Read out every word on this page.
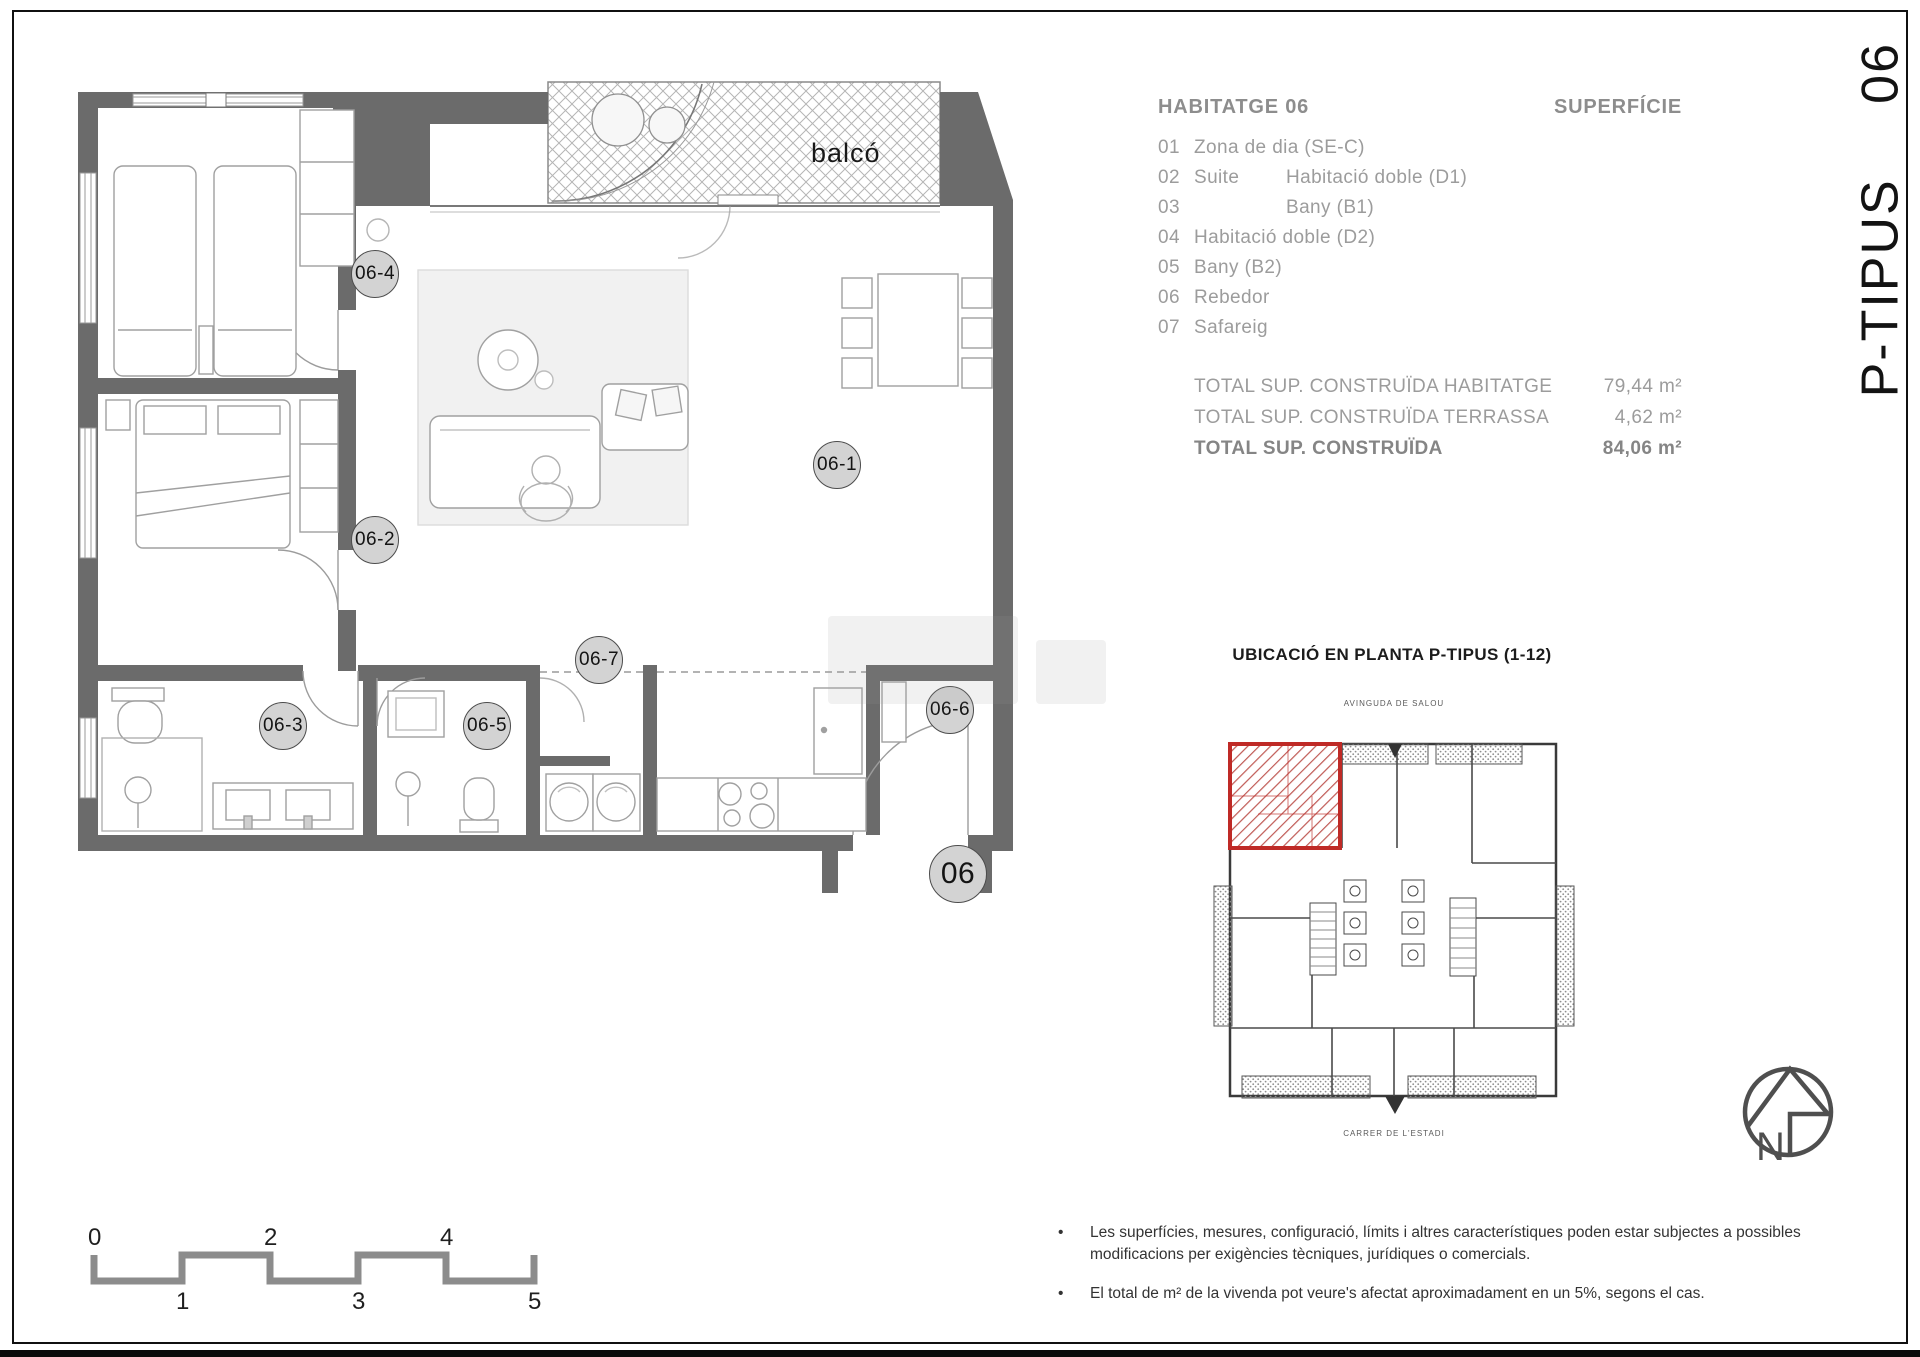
06-1
06-2
06-3
06-4
06-5
06-6
06-7
06
balcó
HABITATGE 06	SUPERFÍCIE
01 Zona de dia (SE-C)
02 Suite	Habitació doble (D1)
03	Bany (B1)
04 Habitació doble (D2)
05 Bany (B2)
06 Rebedor
07 Safareig
TOTAL SUP. CONSTRUÏDA HABITATGE	79,44 m²
TOTAL SUP. CONSTRUÏDA TERRASSA	4,62 m²
TOTAL SUP. CONSTRUÏDA	84,06 m²
UBICACIÓ EN PLANTA P-TIPUS (1-12)
AVINGUDA DE SALOU
CARRER DE L'ESTADI
•	Les superfícies, mesures, configuració, límits i altres característiques poden estar subjectes a possibles modificacions per exigències tècniques, jurídiques o comercials.
•	El total de m² de la vivenda pot veure's afectat aproximadament en un 5%, segons el cas.
0	2	4
1	3	5
N
P-TIPUS 06
